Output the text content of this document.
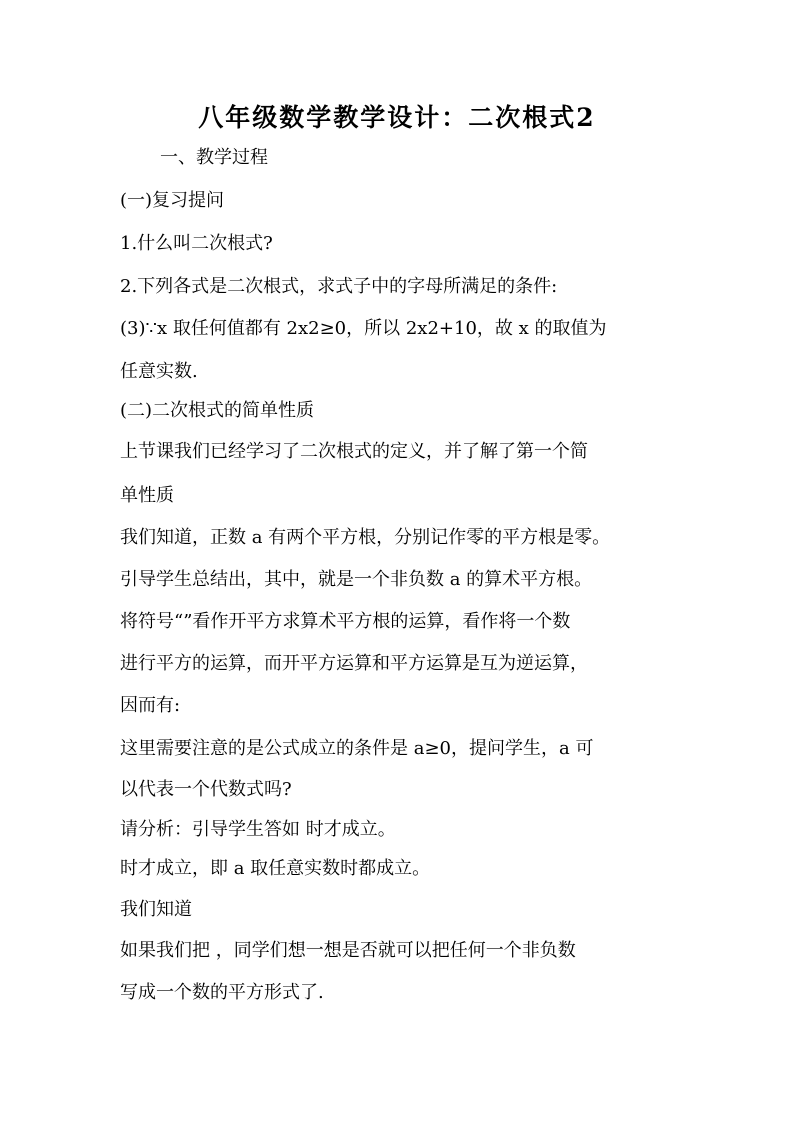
八年级数学教学设计：二次根式2
一、教学过程
(一)复习提问
1.什么叫二次根式?
2.下列各式是二次根式，求式子中的字母所满足的条件:
(3)∵x 取任何值都有 2x2≥0，所以 2x2+10，故 x 的取值为
任意实数.
(二)二次根式的简单性质
上节课我们已经学习了二次根式的定义，并了解了第一个简
单性质
我们知道，正数 a 有两个平方根，分别记作零的平方根是零。
引导学生总结出，其中，就是一个非负数 a 的算术平方根。
将符号“”看作开平方求算术平方根的运算，看作将一个数
进行平方的运算，而开平方运算和平方运算是互为逆运算，
因而有:
这里需要注意的是公式成立的条件是 a≥0，提问学生，a 可
以代表一个代数式吗?
请分析：引导学生答如 时才成立。
时才成立，即 a 取任意实数时都成立。
我们知道
如果我们把 ，同学们想一想是否就可以把任何一个非负数
写成一个数的平方形式了.
